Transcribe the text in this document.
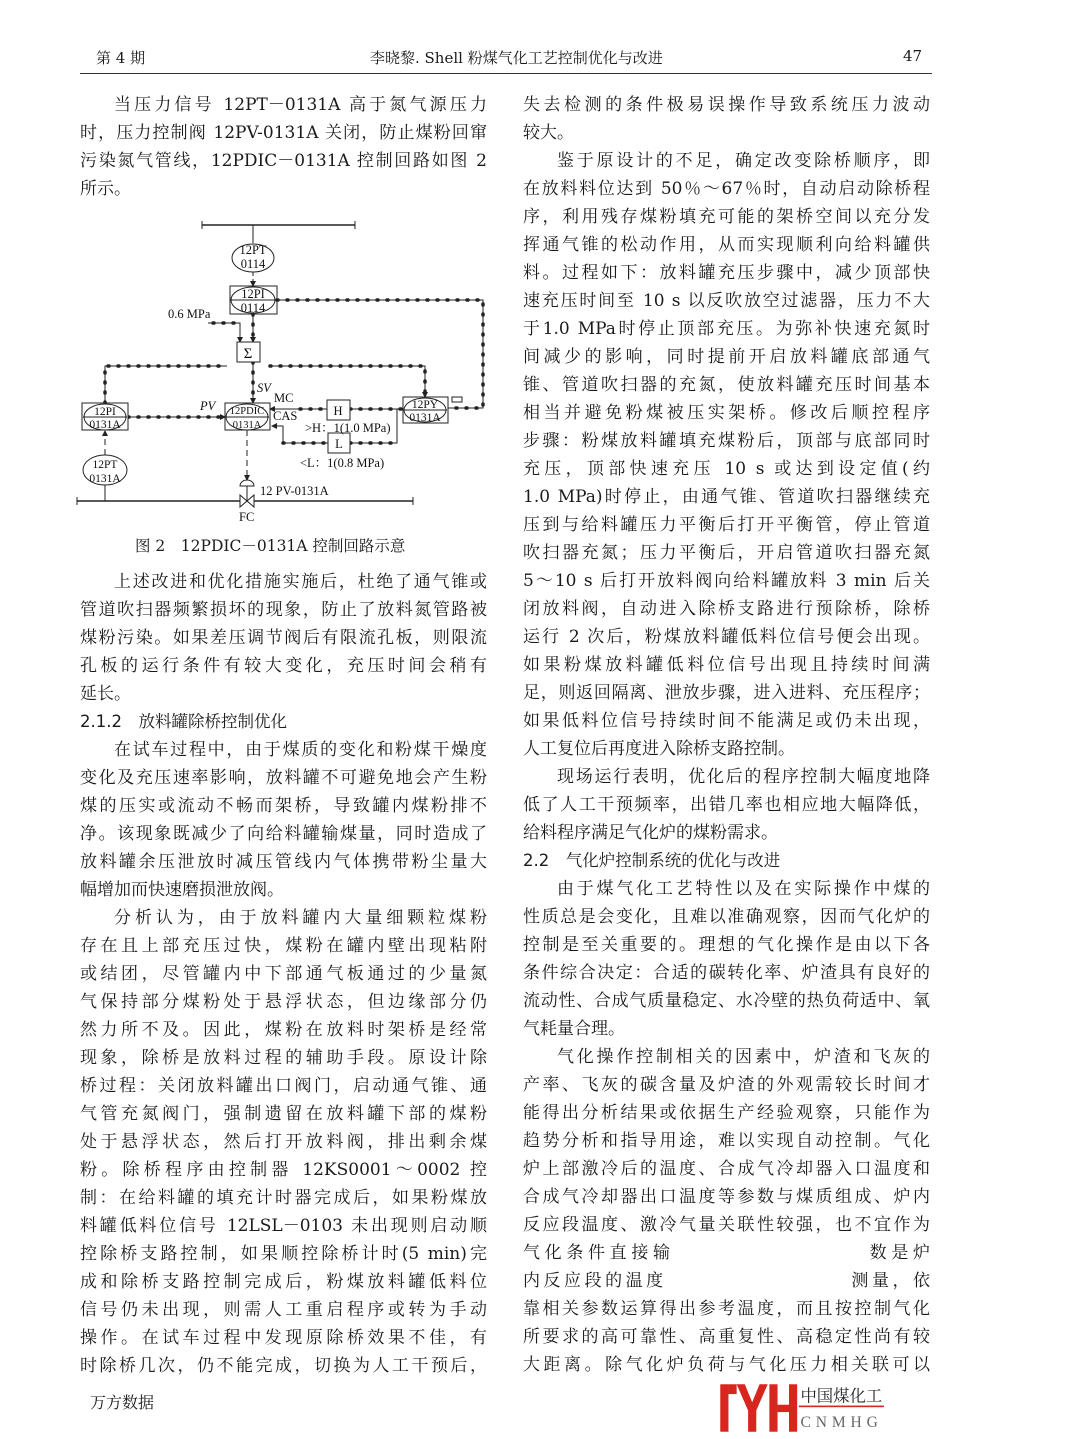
第 4 期	李晓黎. Shell 粉煤气化工艺控制优化与改进	47
当压力信号 12PT－0131A 高于氮气源压力
时，压力控制阀 12PV-0131A 关闭，防止煤粉回窜
污染氮气管线，12PDIC－0131A 控制回路如图 2
所示。
12PT
0114
12PI
0114
0.6 MPa
Σ
SV
PV
MC
CAS
12PDIC
0131A
12PI
0131A
12PT
0131A
12PY
0131A
H
L
>H：1(1.0 MPa)
<L：1(0.8 MPa)
12 PV-0131A
FC
图 2　12PDIC－0131A 控制回路示意
上述改进和优化措施实施后，杜绝了通气锥或
管道吹扫器频繁损坏的现象，防止了放料氮管路被
煤粉污染。如果差压调节阀后有限流孔板，则限流
孔板的运行条件有较大变化，充压时间会稍有
延长。
2.1.2　放料罐除桥控制优化
在试车过程中，由于煤质的变化和粉煤干燥度
变化及充压速率影响，放料罐不可避免地会产生粉
煤的压实或流动不畅而架桥，导致罐内煤粉排不
净。该现象既减少了向给料罐输煤量，同时造成了
放料罐余压泄放时减压管线内气体携带粉尘量大
幅增加而快速磨损泄放阀。
分析认为，由于放料罐内大量细颗粒煤粉
存在且上部充压过快，煤粉在罐内壁出现粘附
或结团，尽管罐内中下部通气板通过的少量氮
气保持部分煤粉处于悬浮状态，但边缘部分仍
然力所不及。因此，煤粉在放料时架桥是经常
现象，除桥是放料过程的辅助手段。原设计除
桥过程：关闭放料罐出口阀门，启动通气锥、通
气管充氮阀门，强制遗留在放料罐下部的煤粉
处于悬浮状态，然后打开放料阀，排出剩余煤
粉。除桥程序由控制器 12KS0001～0002 控
制：在给料罐的填充计时器完成后，如果粉煤放
料罐低料位信号 12LSL－0103 未出现则启动顺
控除桥支路控制，如果顺控除桥计时(5 min)完
成和除桥支路控制完成后，粉煤放料罐低料位
信号仍未出现，则需人工重启程序或转为手动
操作。在试车过程中发现原除桥效果不佳，有
时除桥几次，仍不能完成，切换为人工干预后，
失去检测的条件极易误操作导致系统压力波动
较大。
鉴于原设计的不足，确定改变除桥顺序，即
在放料料位达到 50％～67％时，自动启动除桥程
序，利用残存煤粉填充可能的架桥空间以充分发
挥通气锥的松动作用，从而实现顺利向给料罐供
料。过程如下：放料罐充压步骤中，减少顶部快
速充压时间至 10 s 以反吹放空过滤器，压力不大
于1.0 MPa时停止顶部充压。为弥补快速充氮时
间减少的影响，同时提前开启放料罐底部通气
锥、管道吹扫器的充氮，使放料罐充压时间基本
相当并避免粉煤被压实架桥。修改后顺控程序
步骤：粉煤放料罐填充煤粉后，顶部与底部同时
充压，顶部快速充压 10 s 或达到设定值(约
1.0 MPa)时停止，由通气锥、管道吹扫器继续充
压到与给料罐压力平衡后打开平衡管，停止管道
吹扫器充氮；压力平衡后，开启管道吹扫器充氮
5～10 s 后打开放料阀向给料罐放料 3 min 后关
闭放料阀，自动进入除桥支路进行预除桥，除桥
运行 2 次后，粉煤放料罐低料位信号便会出现。
如果粉煤放料罐低料位信号出现且持续时间满
足，则返回隔离、泄放步骤，进入进料、充压程序；
如果低料位信号持续时间不能满足或仍未出现，
人工复位后再度进入除桥支路控制。
现场运行表明，优化后的程序控制大幅度地降
低了人工干预频率，出错几率也相应地大幅降低，
给料程序满足气化炉的煤粉需求。
2.2　气化炉控制系统的优化与改进
由于煤气化工艺特性以及在实际操作中煤的
性质总是会变化，且难以准确观察，因而气化炉的
控制是至关重要的。理想的气化操作是由以下各
条件综合决定：合适的碳转化率、炉渣具有良好的
流动性、合成气质量稳定、水冷壁的热负荷适中、氧
气耗量合理。
气化操作控制相关的因素中，炉渣和飞灰的
产率、飞灰的碳含量及炉渣的外观需较长时间才
能得出分析结果或依据生产经验观察，只能作为
趋势分析和指导用途，难以实现自动控制。气化
炉上部激冷后的温度、合成气冷却器入口温度和
合成气冷却器出口温度等参数与煤质组成、炉内
反应段温度、激冷气量关联性较强，也不宜作为
气化条件直接输　　　　　　　　　数是炉
内反应段的温度　　　　　　　　　测量，依
靠相关参数运算得出参考温度，而且按控制气化
所要求的高可靠性、高重复性、高稳定性尚有较
大距离。除气化炉负荷与气化压力相关联可以
中国煤化工
CNMHG
万方数据
